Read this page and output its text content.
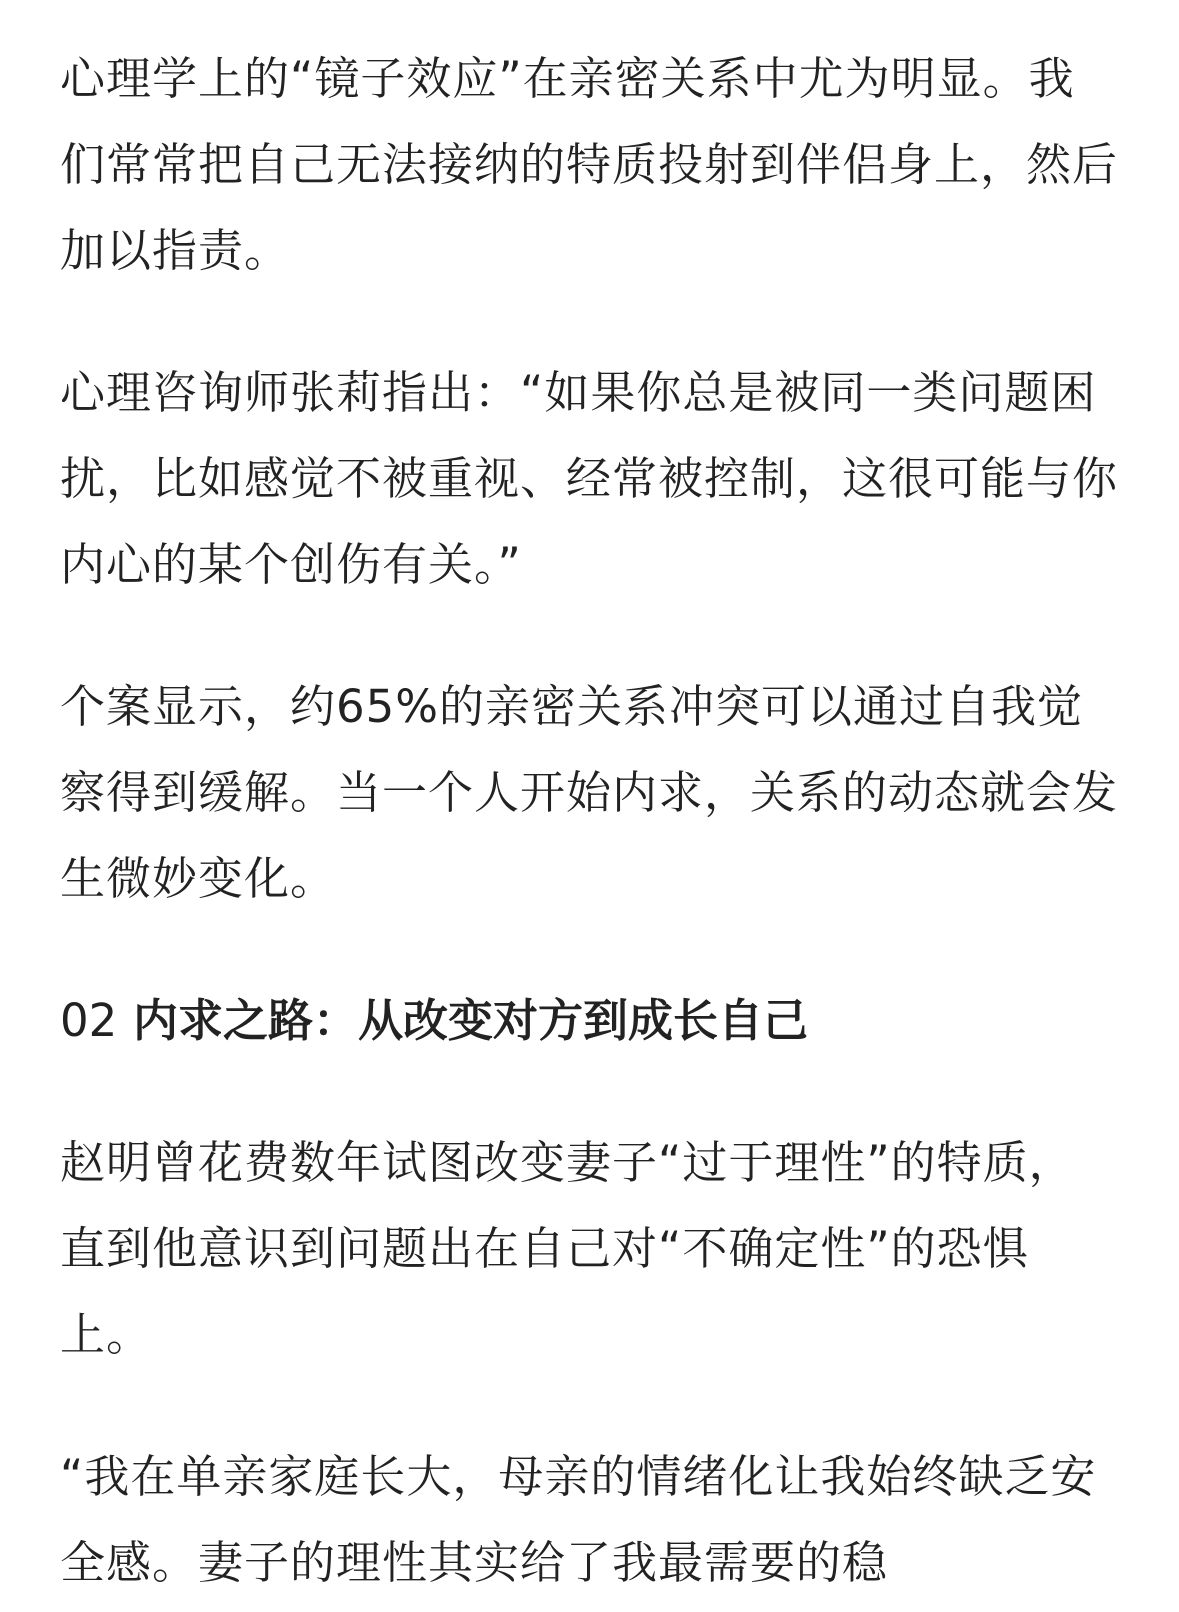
心理学上的“镜子效应”在亲密关系中尤为明显。我们常常把自己无法接纳的特质投射到伴侣身上，然后加以指责。

心理咨询师张莉指出：“如果你总是被同一类问题困扰，比如感觉不被重视、经常被控制，这很可能与你内心的某个创伤有关。”

个案显示，约65%的亲密关系冲突可以通过自我觉察得到缓解。当一个人开始内求，关系的动态就会发生微妙变化。

02 内求之路：从改变对方到成长自己

赵明曾花费数年试图改变妻子“过于理性”的特质，直到他意识到问题出在自己对“不确定性”的恐惧上。

“我在单亲家庭长大，母亲的情绪化让我始终缺乏安全感。妻子的理性其实给了我最需要的稳
